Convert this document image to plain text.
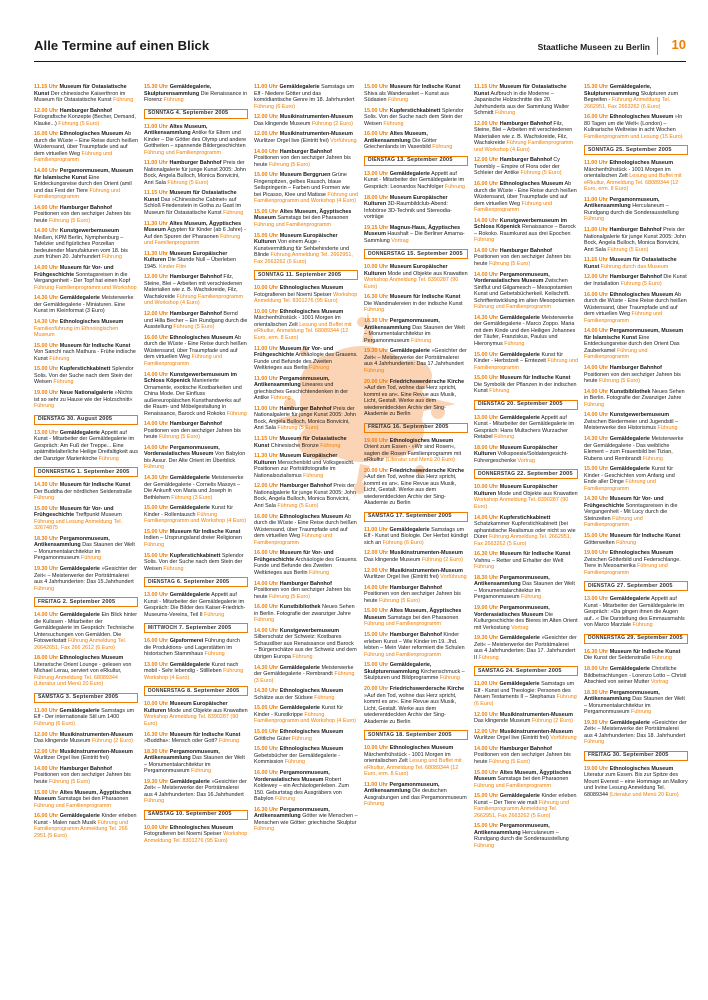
Alle Termine auf einen Blick	Staatliche Museen zu Berlin 10
11.15 Uhr Museum für Ostasiatische Kunst Der chinesische Kaiserthron im Museum für Ostasiatische Kunst Führung
12.00 Uhr Hamburger Bahnhof Fotografische Konzepte (Becher, Demand, Klauke...) Führung (5 Euro)
16.00 Uhr Ethnologisches Museum Ab durch die Wüste – Eine Reise durch heißen Wüstensand, über Traumpfade und auf dem virtuellen Weg Führung und Familienprogramm
14.00 Uhr Pergamonmuseum, Museum für Islamische Kunst Eine Entdeckungsreise durch den Orient (amil und das Fest der Tiere Führung und Familienprogramm
14.00 Uhr Hamburger Bahnhof Positionen von den sechziger Jahren bis heute Führung (5 Euro)
14.00 Uhr Kunstgewerbemuseum Meißen, KPM Berlin, Nymphenburg – Tafelzier und figürliches Porzellan bedeutender Manufakturen vom 18. bis zum frühen 20. Jahrhundert Führung
14.00 Uhr Museum für Vor- und Frühgeschichte Sonntagsreisen in die Vergangenheit - Der Topf hat einen Kopf Führung Familienprogramm und Workshop
14.30 Uhr Gemäldegalerie Meisterwerke der Gemäldegalerie - Miniaturen. Eine Kunst im Kleinformat (3 Euro)
14.30 Uhr Ethnologisches Museum Familienführung im Ethnologischen Museum
15.00 Uhr Museum für Indische Kunst Von Sanchi nach Mathura - Frühe indische Kunst Führung
15.00 Uhr Kupferstichkabinett Splendor Solis. Von der Suche nach dem Stein der Weisen Führung
19.00 Uhr Neue Nationalgalerie »Nichts ist so sehr zu Hause wie der Holzschnitt« Führung
DIENSTAG 30. August 2005
13.00 Uhr Gemäldegalerie Appetit auf Kunst - Mitarbeiter der Gemäldegalerie im Gespräch: Am Fuß der Treppe... Eine spätmittelalterliche Heilige Dreifaltigkeit aus der Danziger Marienkirche Führung
DONNERSTAG 1. September 2005
14.30 Uhr Museum für Indische Kunst Der Buddha der nördlichen Seidenstraße Führung
15.00 Uhr Museum für Vor- und Frühgeschichte Treffpunkt Museum Führung und Lesung Anmeldung Tel. 32674875
18.30 Uhr Pergamonmuseum, Antikensammlung Das Staunen der Welt – Monumentalarchitektur im Pergamonmuseum Führung
19.30 Uhr Gemäldegalerie »Gesichter der Zeit« – Meisterwerke der Porträtmalerei aus 4 Jahrhunderten: Das 15.Jahrhundert Führung
FREITAG 2. September 2005
14.00 Uhr Gemäldegalerie Ein Blick hinter die Kulissen - Mitarbeiter der Gemäldegalerie im Gespräch: Technische Untersuchungen von Gemälden. Die Fotowerkstatt Führung Anmeldung Tel. 26642651, Fax 266 2612 (6 Euro)
18.00 Uhr Ethnologisches Museum Literarische Orient Lounge - gelesen von Michael Lerau, serviert von eRkultur, Führung Anmeldung Tel. 68089344 (Literatur und Menü 20 Euro)
SAMSTAG 3. September 2005
11.00 Uhr Gemäldegalerie Samstags um Elf - Der internationale Stil um 1400 Führung (6 Euro)
12.00 Uhr Musikinstrumenten-Museum Das klingende Museum Führung (2 Euro)
12.00 Uhr Musikinstrumenten-Museum Wurlitzer Orgel live (Eintritt frei)
14.00 Uhr Hamburger Bahnhof Positionen von den sechziger Jahren bis heute Führung (5 Euro)
15.00 Uhr Altes Museum, Ägyptisches Museum Samstags bei den Pharaonen Führung und Familienprogramm
16.00 Uhr Gemäldegalerie Kinder erleben Kunst - Malen nach Musik Führung und Familienprogramm Anmeldung Tel. 266 2951 (5 Euro)
15.30 Uhr Gemäldegalerie, Skulpturensammlung Die Renaissance in Florenz Führung
SONNTAG 4. September 2005
11.00 Uhr Altes Museum, Antikensammlung Antike für Eltern und Kinder – Die Götter des Olymp und andere Gottheiten – spannende Bildergeschichten Führung und Familienprogramm
11.00 Uhr Hamburger Bahnhof Preis der Nationalgalerie für junge Kunst 2005: John Bock, Angela Bulloch, Monica Bonvicini, Anri Sala Führung (5 Euro)
11.15 Uhr Museum für Ostasiatische Kunst Das »Chinesische Cabinet« auf Schloß Friedenstein in Gotha zu Gast im Museum für Ostasiatische Kunst Führung
11.30 Uhr Altes Museum, Ägyptisches Museum Ägypten für Kinder (ab 6 Jahre) - Auf den Spuren der Pharaonen Führung und Familienprogramm
11.30 Uhr Museum Europäischer Kulturen Die Stunde Null – Überleben 1945. Kinder Film
12.00 Uhr Hamburger Bahnhof Filz, Steine, Blei – Arbeiten mit verschiedenen Materialien wie z. B. Wachskreide, Filz, Wachskreide Führung Familienprogramm und Workshop (4 Euro)
12.00 Uhr Hamburger Bahnhof Bernd und Hilla Becher – Ein Rundgang durch die Ausstellung Führung (5 Euro)
16.00 Uhr Ethnologisches Museum Ab durch die Wüste - Eine Reise durch heißen Wüstensand, über Traumpfade und auf dem virtuellen Weg Führung und Familienprogramm
14.00 Uhr Kunstgewerbemuseum im Schloss Köpenick Manierierte Ornamente, exotische Kostbarkeiten und China Mode. Der Einfluss außereuropäischen Kunsthandwerks auf die Raum- und Möbelgestaltung in Renaissance, Barock und Rokoko Führung
14.00 Uhr Hamburger Bahnhof Positionen von den sechziger Jahren bis heute Führung (5 Euro)
14.00 Uhr Pergamonmuseum, Vorderasiatisches Museum Von Babylon bis Assur. Der Alte Orient im Überblick Führung
14.30 Uhr Gemäldegalerie Meisterwerke der Gemäldegalerie - Cornelis Massys – Die Ankunft von Maria und Joseph in Bethlehem Führung (3 Euro)
15.00 Uhr Gemäldegalerie Kunst für Kinder - Rollentausch Führung Familienprogramm und Workshop (4 Euro)
15.00 Uhr Museum für Indische Kunst Indien – Ursprungsland dreier Religionen Führung
15.00 Uhr Kupferstichkabinett Splendor Solis. Von der Suche nach dem Stein der Weisen Führung
DIENSTAG 6. September 2005
13.00 Uhr Gemäldegalerie Appetit auf Kunst - Mitarbeiter der Gemäldegalerie im Gespräch: Die Bilder des Kaiser-Friedrich-Museums-Vereins, Teil II Führung
MITTWOCH 7. September 2005
16.00 Uhr Gipsformerei Führung durch die Produktions- und Lagerstätten im historischen Stammhaus Führung
13.00 Uhr Gemäldegalerie Kunst nach mobil - Sehr lebendig - Stillleben Führung Workshop (4 Euro)
DONNERSTAG 8. September 2005
10.00 Uhr Museum Europäischer Kulturen Mode und Objekte aus Krawatten Workshop Anmeldung Tel. 8390287 (90 Euro)
16.30 Uhr Museum für Indische Kunst »Buddha«: Mensch oder Gott? Führung
18.30 Uhr Pergamonmuseum, Antikensammlung Das Staunen der Welt – Monumentalarchitektur im Pergamonmuseum Führung
19.30 Uhr Gemäldegalerie »Gesichter der Zeit« – Meisterwerke der Porträtmalerei aus 4 Jahrhunderten: Das 16.Jahrhundert Führung
SAMSTAG 10. September 2005
10.00 Uhr Ethnologisches Museum Fotografieren bei Noemi Speiser Workshop Anmeldung Tel. 8301276 (95 Euro)
11.00 Uhr Gemäldegalerie Samstags um Elf - Niedere Götter und das komödiantische Genre im 18. Jahrhundert Führung (6 Euro)
12.00 Uhr Musikinstrumenten-Museum Das klingende Museum Führung (2 Euro)
12.00 Uhr Musikinstrumenten-Museum Wurlitzer Orgel live (Eintritt frei) Vorführung
14.00 Uhr Hamburger Bahnhof Positionen von den sechziger Jahren bis heute Führung (5 Euro)
15.00 Uhr Museum Berggruen Grüne Fingerspitzen, gelbes Rausch, blaue Seilspringerin – Farben und Formen wie bei Picasso, Klee und Matisse Führung und Familienprogramm und Workshop (4 Euro)
15.00 Uhr Altes Museum, Ägyptisches Museum Samstags bei den Pharaonen Führung und Familienprogramm
15.00 Uhr Museum Europäischer Kulturen Von einem Auge - Kunstvermittlung für Sehbehinderte und Blinde Führung Anmeldung Tel. 2662951, Fax 2663262 (6 Euro)
SONNTAG 11. September 2005
10.00 Uhr Ethnologisches Museum Fotografieren bei Noemi Speiser Workshop Anmeldung Tel. 8301276 (95 Euro)
10.00 Uhr Ethnologisches Museum Märchenfrühstück - 1001 Morgen im orientalischen Zelt Lesung und Buffet mit eRkultur, Anmeldung Tel. 68089344 (12 Euro, erm. 8 Euro)
11.00 Uhr Museum für Vor- und Frühgeschichte Archäologie des Grauens. Funde und Befunde des Zweiten Weltkrieges aus Berlin Führung
11.00 Uhr Pergamonmuseum, Antikensammlung Lineares und griechisches Geschichtendenken in der Antike Führung
11.00 Uhr Hamburger Bahnhof Preis der Nationalgalerie für junge Kunst 2005: John Bock, Angela Bulloch, Monica Bonvicini, Anri Sala Führung (5 Euro)
11.15 Uhr Museum für Ostasiatische Kunst Chinesische Bronze Führung
11.30 Uhr Museum Europäischer Kulturen Menschenbild und Volksgesicht. Positionen zur Porträtfotografie im Nationalsozialismus Führung
12.00 Uhr Hamburger Bahnhof Preis der Nationalgalerie für junge Kunst 2005: John Bock, Angela Bulloch, Monica Bonvicini, Anri Sala Führung (5 Euro)
16.00 Uhr Ethnologisches Museum Ab durch die Wüste - Eine Reise durch heißen Wüstensand, über Traumpfade und auf dem virtuellen Weg Führung und Familienprogramm
16.00 Uhr Museum für Vor- und Frühgeschichte Archäologie des Grauens. Funde und Befunde des Zweiten Weltkrieges aus Berlin Führung
14.00 Uhr Hamburger Bahnhof Positionen von den sechziger Jahren bis heute Führung (5 Euro)
16.00 Uhr Kunstbibliothek Neues Sehen in Berlin. Fotografie der zwanziger Jahre Führung
14.00 Uhr Kunstgewerbemuseum Silberschatz der Schweiz: Kostbares Schausilber aus Renaissance und Barock – Bürgerschätze aus der Schweiz und dem übrigen Europa Führung
14.30 Uhr Gemäldegalerie Meisterwerke der Gemäldegalerie - Rembrandt Führung (3 Euro)
14.30 Uhr Ethnologisches Museum Schätze aus der Südsee Führung
15.00 Uhr Gemäldegalerie Kunst für Kinder - Kunstkrippe Führung Familienprogramm und Workshop (4 Euro)
15.00 Uhr Ethnologisches Museum Göttliche Güter Führung
15.00 Uhr Ethnologisches Museum Gebetsbücher der Gemäldegalerie - Kommission Führung
16.00 Uhr Pergamonmuseum, Vorderasiatisches Museum Robert Koldewey – ein Archäologenleben. Zum 150. Geburtstag des Ausgräbers von Babylon Führung
16.30 Uhr Pergamonmuseum, Antikensammlung Götter wie Menschen – Menschen wie Götter: griechische Skulptur Führung
15.00 Uhr Museum für Indische Kunst Shiva als Wanderasket – Kunst aus Südasien Führung
15.00 Uhr Kupferstichkabinett Splendor Solis. Von der Suche nach dem Stein der Weisen Führung
16.00 Uhr Altes Museum, Antikensammlung Die Götter Griechenlands im Vasenbild Führung
DIENSTAG 13. September 2005
13.00 Uhr Gemäldegalerie Appetit auf Kunst - Mitarbeiter der Gemäldegalerie im Gespräch: Leonardos Nachfolger Führung
18.00 Uhr Museum Europäischer Kulturen 3D-Raumbildclub-Abend: Infobörse 3D-Technik und Stereodia-vorträge
19.15 Uhr Magnus-Haus, Ägyptisches Museum Haushalt – Die Berliner Amarna-Sammlung Vortrag
DONNERSTAG 15. September 2005
10.00 Uhr Museum Europäischer Kulturen Mode und Objekte aus Krawatten Workshop Anmeldung Tel. 8390287 (90 Euro)
16.30 Uhr Museum für Indische Kunst Die Wandmalereien in der indische Kunst Führung
18.30 Uhr Pergamonmuseum, Antikensammlung Das Staunen der Welt – Monumentalarchitektur im Pergamonmuseum Führung
19.30 Uhr Gemäldegalerie »Gesichter der Zeit« – Meisterwerke der Porträtmalerei aus 4 Jahrhunderten: Das 17.Jahrhundert Führung
20.00 Uhr Friedrichswerdersche Kirche »Auf den Tod, wohne das Herz spricht, kommt es an«. Eine Revue aus Musik, Licht, Gestalt. Werke aus dem wiederentdeckten Archiv der Sing-Akademie zu Berlin
FREITAG 16. September 2005
19.00 Uhr Ethnologisches Museum Orient zum Essen - »Wir sind Rosen«, sagten die Rosen Familienprogramm mit eRkultur (Literatur und Menü 20 Euro)
20.00 Uhr Friedrichswerdersche Kirche »Auf den Tod, wohne das Herz spricht, kommt es an«. Eine Revue aus Musik, Licht, Gestalt. Werke aus dem wiederentdeckten Archiv der Sing-Akademie zu Berlin
SAMSTAG 17. September 2005
11.00 Uhr Gemäldegalerie Samstags um Elf - Kunst und Biologie. Der Herbst kündigt sich an Führung (6 Euro)
12.00 Uhr Musikinstrumenten-Museum Das klingende Museum Führung (2 Euro)
12.00 Uhr Musikinstrumenten-Museum Wurlitzer Orgel live (Eintritt frei) Vorführung
14.00 Uhr Hamburger Bahnhof Positionen von den sechziger Jahren bis heute Führung (5 Euro)
15.00 Uhr Altes Museum, Ägyptisches Museum Samstags bei den Pharaonen Führung und Familienprogramm
15.00 Uhr Hamburger Bahnhof Kinder erleben Kunst – Wie Kinder im 19. Jhd. lebten – Mein Vater reformiert die Schulen Führung und Familienprogramm
15.00 Uhr Gemäldegalerie, Skulpturensammlung Kirchenschmuck – Skulpturen und Bildprogramme Führung
20.00 Uhr Friedrichswerdersche Kirche »Auf den Tod, wohne das Herz spricht, kommt es an«. Eine Revue aus Musik, Licht, Gestalt. Werke aus dem wiederentdeckten Archiv der Sing-Akademie zu Berlin
SONNTAG 18. September 2005
10.00 Uhr Ethnologisches Museum Märchenfrühstück - 1001 Morgen im orientalischen Zelt Lesung und Buffet mit eRkultur, Anmeldung Tel. 68089344 (12 Euro, erm. 8 Euro)
11.00 Uhr Pergamonmuseum, Antikensammlung Die deutschen Ausgrabungen und das Pergamonmuseum Führung
11.15 Uhr Museum für Ostasiatische Kunst Aufbruch in die Moderne – Japanische Holzschnitte des 20. Jahrhunderts aus der Sammlung Walter Schmidt Führung
12.00 Uhr Hamburger Bahnhof Filz, Steine, Blei – Arbeiten mit verschiedenen Materialien wie z. B. Wachskreide, Filz, Wachskreide Führung Familienprogramm und Workshop (4 Euro)
12.00 Uhr Hamburger Bahnhof Cy Twombly – Empire of Flora oder der Schleier der Antike Führung (5 Euro)
16.00 Uhr Ethnologisches Museum Ab durch die Wüste - Eine Reise durch heißen Wüstensand, über Traumpfade und auf dem virtuellen Weg Führung und Familienprogramm
14.00 Uhr Kunstgewerbemuseum im Schloss Köpenick Renaissance – Barock – Rokoko. Raumkunst aus drei Epochen Führung
14.00 Uhr Hamburger Bahnhof Positionen von den sechziger Jahren bis heute Führung (5 Euro)
14.00 Uhr Pergamonmuseum, Vorderasiatisches Museum Zwischen Sintflut und Gilgamesch – Mesopotamien Kunst und Gebetsbücherkeil. Keilschrift. Schriftentwicklung im alten Mesopotamien Führung und Familienprogramm
14.30 Uhr Gemäldegalerie Meisterwerke der Gemäldegalerie - Marco Zoppo. Maria mit dem Kinde und den Heiligen Johannes der Täufer, Franziskus, Paulus und Hieronymus Führung
15.00 Uhr Gemäldegalerie Kunst für Kinder - Herbstzeit – Erntezeit Führung und Familienprogramm
15.00 Uhr Museum für Indische Kunst Die Symbolik der Pflanzen in der indischen Kunst Führung
DIENSTAG 20. September 2005
13.00 Uhr Gemäldegalerie Appetit auf Kunst - Mitarbeiter der Gemäldegalerie im Gespräch: Hans Multschers Wurzacher Retabel Führung
18.00 Uhr Museum Europäischer Kulturen Volkspoesie/Soldatengesicht-Führergeschenke Vortrag
DONNERSTAG 22. September 2005
10.00 Uhr Museum Europäischer Kulturen Mode und Objekte aus Krawatten Workshop Anmeldung Tel. 8390287 (90 Euro)
14.00 Uhr Kupferstichkabinett Schatzkammer Kupferstichkabinett (bei aphanistische Realismus oder nicht so wie Dürer Führung Anmeldung Tel. 2662951, Fax 2663262 (5 Euro)
16.30 Uhr Museum für Indische Kunst Vishnu – Retter und Erhalter der Welt Führung
18.30 Uhr Pergamonmuseum, Antikensammlung Das Staunen der Welt – Monumentalarchitektur im Pergamonmuseum Führung
19.00 Uhr Pergamonmuseum, Vorderasiatisches Museum Die Kulturgeschichte des Bieres im Alten Orient mit Verkostung Vortrag
19.30 Uhr Gemäldegalerie »Gesichter der Zeit« – Meisterwerke der Porträtmalerei aus 4 Jahrhunderten: Das 17. Jahrhundert II Führung
SAMSTAG 24. September 2005
11.00 Uhr Gemäldegalerie Samstags um Elf - Kunst und Theologie: Personen des Neuen Testaments II – Stephanus Führung (6 Euro)
12.00 Uhr Musikinstrumenten-Museum Das klingende Museum Führung (2 Euro)
12.00 Uhr Musikinstrumenten-Museum Wurlitzer Orgel live (Eintritt frei) Vorführung
14.00 Uhr Hamburger Bahnhof Positionen von den sechziger Jahren bis heute Führung (5 Euro)
15.00 Uhr Altes Museum, Ägyptisches Museum Samstags bei den Pharaonen Führung und Familienprogramm
15.00 Uhr Gemäldegalerie Kinder erleben Kunst – Der Tiere wie malt Führung und Familienprogramm Anmeldung Tel. 2662951, Fax 2663262 (5 Euro)
15.00 Uhr Pergamonmuseum, Antikensammlung Herculaneum – Rundgang durch die Sonderausstellung Führung
15.30 Uhr Gemäldegalerie, Skulpturensammlung Skulpturen zum Begreifen - Führung Anmeldung Tel. 2662951, Fax 2663262 (6 Euro)
16.00 Uhr Ethnologisches Museum »In 80 Tagen um die Welt« (London) – Kulinarische Weltreise in acht Wochen Familienprogramm und Lesung (15 Euro)
SONNTAG 25. September 2005
11.00 Uhr Ethnologisches Museum Märchenfrühstück - 1001 Morgen im orientalischen Zelt Lesung und Buffet mit eRkultur, Anmeldung Tel. 68089344 (12 Euro, erm. 8 Euro)
11.00 Uhr Pergamonmuseum, Antikensammlung Herculaneum – Rundgang durch die Sonderausstellung Führung
11.00 Uhr Hamburger Bahnhof Preis der Nationalgalerie für junge Kunst 2005: John Bock, Angela Bulloch, Monica Bonvicini, Anri Sala Führung (5 Euro)
11.15 Uhr Museum für Ostasiatische Kunst Führung durch das Museum
12.00 Uhr Hamburger Bahnhof Die Kunst der Installation Führung (5 Euro)
16.00 Uhr Ethnologisches Museum Ab durch die Wüste - Eine Reise durch heißen Wüstensand, über Traumpfade und auf dem virtuellen Weg Führung und Familienprogramm
14.00 Uhr Pergamonmuseum, Museum für Islamische Kunst Eine Entdeckungsreise durch den Orient Das Zauberkamel Führung und Familienprogramm
14.00 Uhr Hamburger Bahnhof Positionen von den sechziger Jahren bis heute Führung (5 Euro)
14.00 Uhr Kunstbibliothek Neues Sehen in Berlin. Fotografie der Zwanziger Jahre Führung
14.00 Uhr Kunstgewerbemuseum Zwischen Biedermeier und Jugendstil – Meisterwerke des Historismus Führung
14.30 Uhr Gemäldegalerie Meisterwerke der Gemäldegalerie - Das weibliche Element – zum Frauenbild bei Tizian, Rubens und Rembrandt Führung
15.00 Uhr Gemäldegalerie Kunst für Kinder - Geschichten vom Anfang und Ende aller Dinge Führung und Familienprogramm
14.30 Uhr Museum für Vor- und Frühgeschichte Sonntagsreisen in die Vergangenheit - Mit Lucy durch die Steinzeiten Führung und Familienprogramm
15.00 Uhr Museum für Indische Kunst Götterwelten Führung
19.00 Uhr Ethnologisches Museum Zwischen Götterbild und Federschlange. Tiere in Mesoamerika Führung und Familienprogramm
DIENSTAG 27. September 2005
13.00 Uhr Gemäldegalerie Appetit auf Kunst - Mitarbeiter der Gemäldegalerie im Gespräch: »Da gingen ihnen die Augen auf...« Die Darstellung des Emmausmahls von Marco Marziale Führung
DONNERSTAG 29. September 2005
16.30 Uhr Museum für Indische Kunst Die Kunst der Seidenstraße Führung
18.00 Uhr Gemäldegalerie Christliche Bildbetrachtungen - Lorenzo Lotto – Christi Abschied von seiner Mutter Vortrag
18.30 Uhr Pergamonmuseum, Antikensammlung Das Staunen der Welt – Monumentalarchitektur im Pergamonmuseum Führung
19.30 Uhr Gemäldegalerie »Gesichter der Zeit« – Meisterwerke der Porträtmalerei aus 4 Jahrhunderten: Das 18. Jahrhundert Führung
FREITAG 30. September 2005
19.00 Uhr Ethnologisches Museum Literatur zum Essen. Bis zur Spitze des Mount Everest – eine Hommage an Mallory und Irvine Lesung Anmeldung Tel. 68089344 (Literatur und Menü 20 Euro)
